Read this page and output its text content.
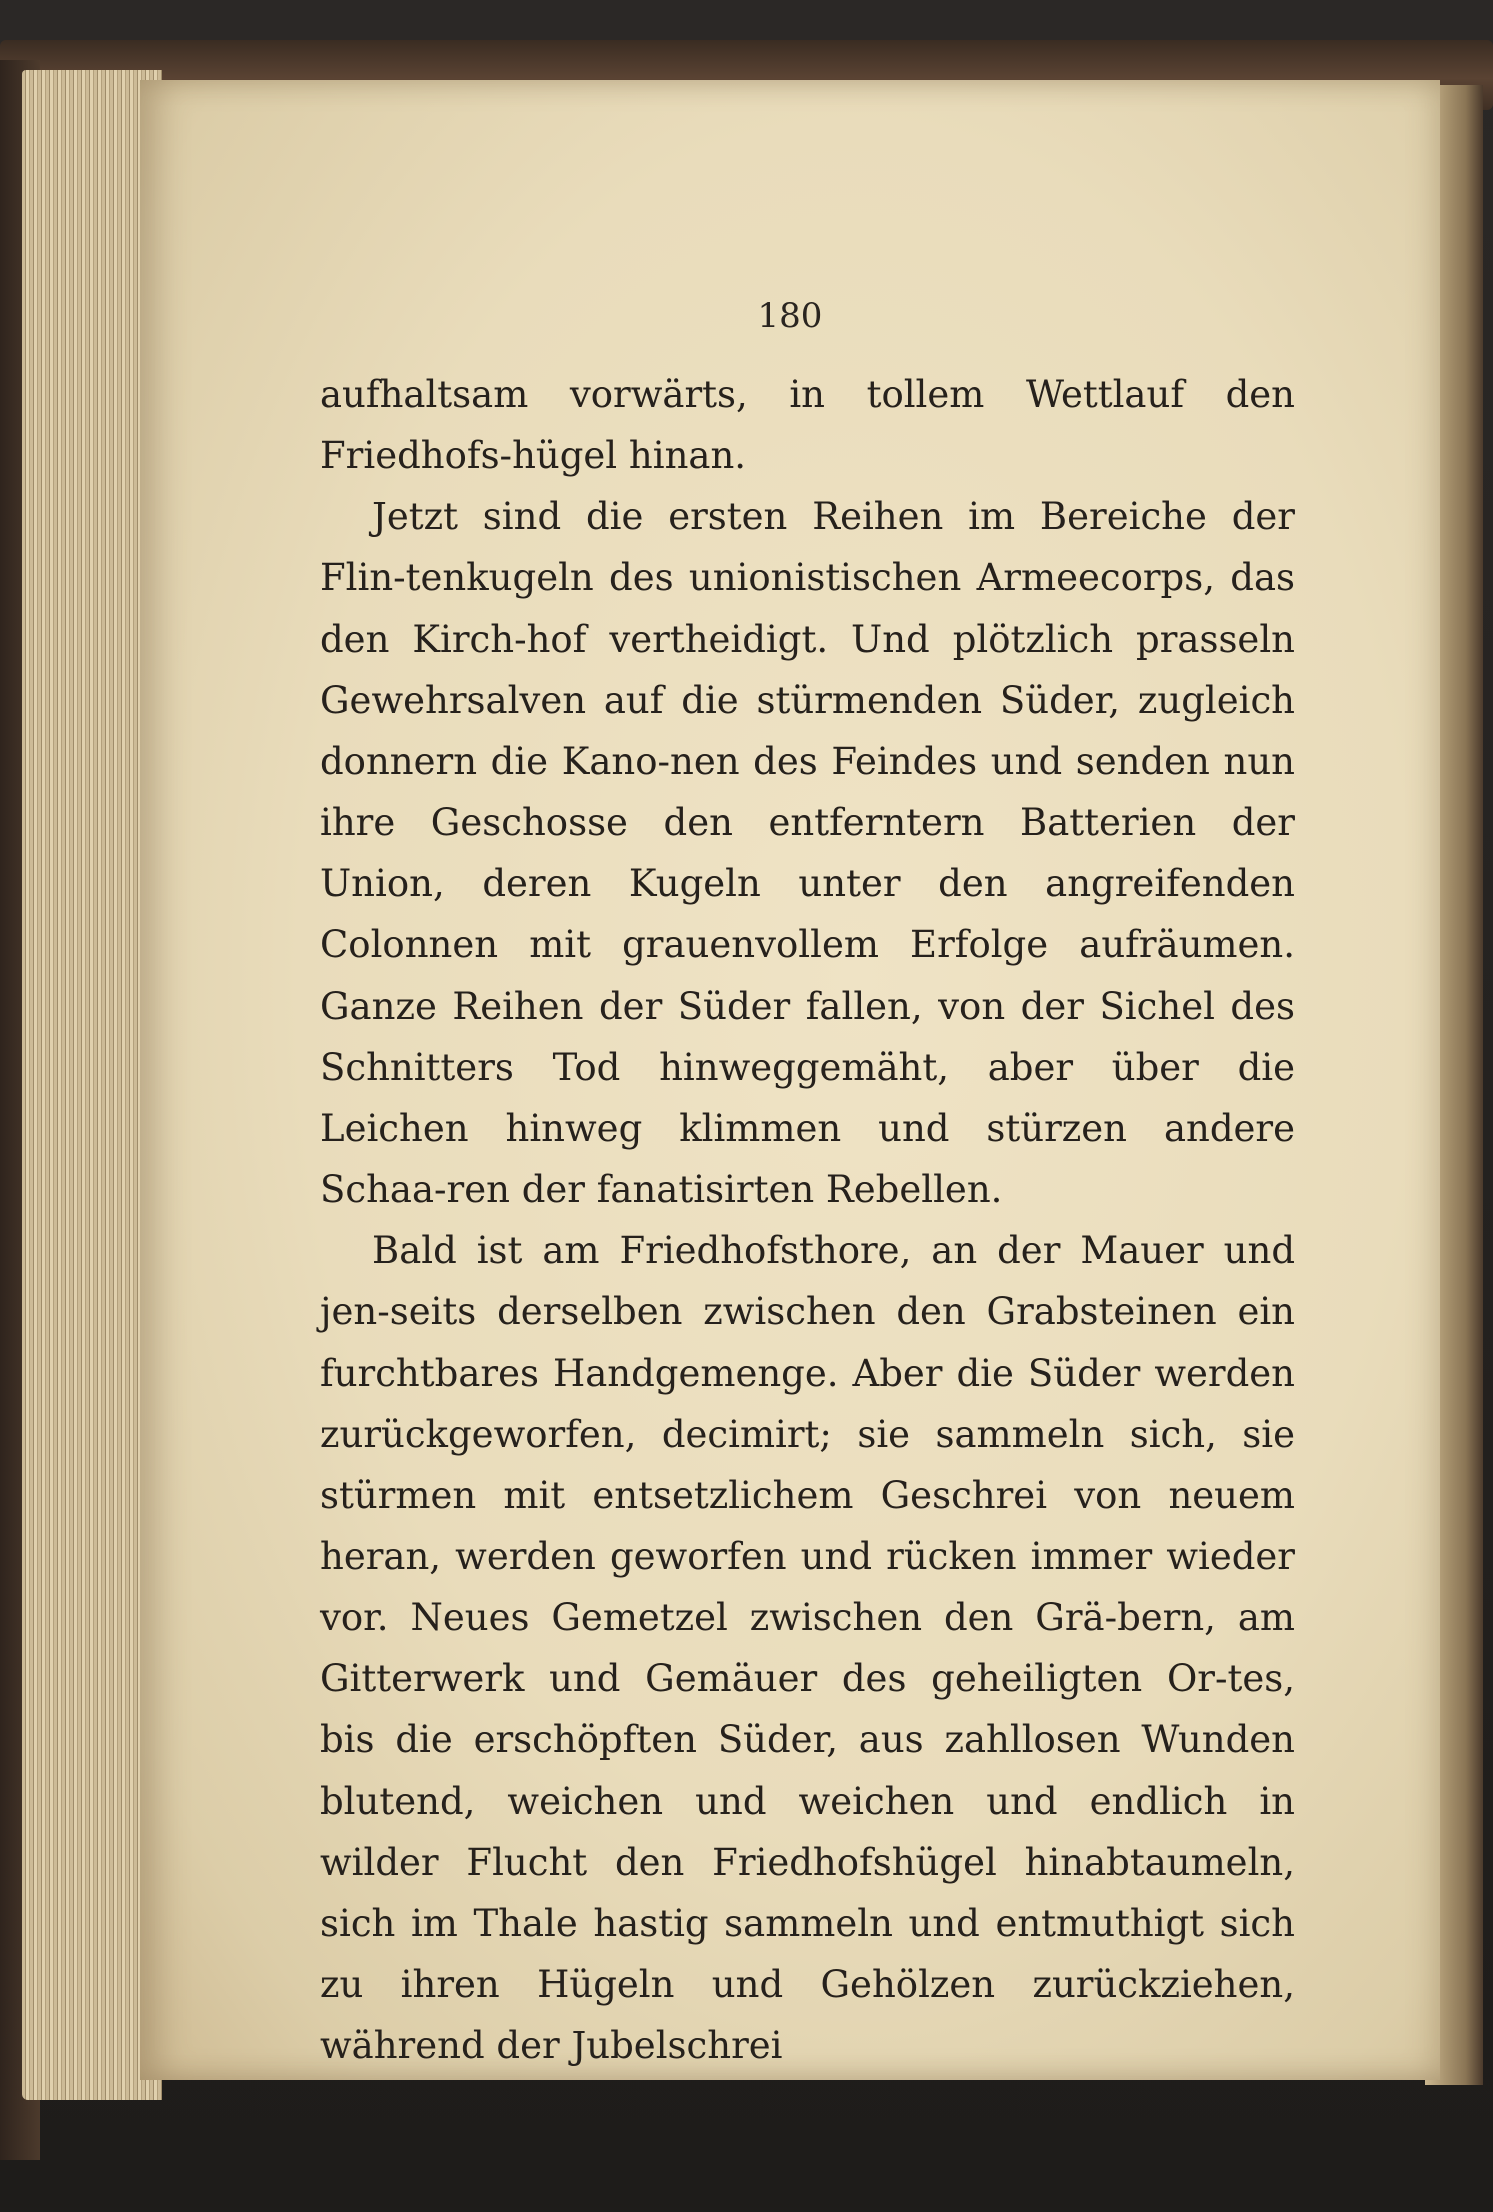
180

aufhaltsam vorwärts, in tollem Wettlauf den Friedhofs-hügel hinan.

Jetzt sind die ersten Reihen im Bereiche der Flin-tenkugeln des unionistischen Armeecorps, das den Kirch-hof vertheidigt. Und plötzlich prasseln Gewehrsalven auf die stürmenden Süder, zugleich donnern die Kano-nen des Feindes und senden nun ihre Geschosse den entferntern Batterien der Union, deren Kugeln unter den angreifenden Colonnen mit grauenvollem Erfolge aufräumen. Ganze Reihen der Süder fallen, von der Sichel des Schnitters Tod hinweggemäht, aber über die Leichen hinweg klimmen und stürzen andere Schaa-ren der fanatisirten Rebellen.

Bald ist am Friedhofsthore, an der Mauer und jen-seits derselben zwischen den Grabsteinen ein furchtbares Handgemenge. Aber die Süder werden zurückgeworfen, decimirt; sie sammeln sich, sie stürmen mit entsetzlichem Geschrei von neuem heran, werden geworfen und rücken immer wieder vor. Neues Gemetzel zwischen den Grä-bern, am Gitterwerk und Gemäuer des geheiligten Or-tes, bis die erschöpften Süder, aus zahllosen Wunden blutend, weichen und weichen und endlich in wilder Flucht den Friedhofshügel hinabtaumeln, sich im Thale hastig sammeln und entmuthigt sich zu ihren Hügeln und Gehölzen zurückziehen, während der Jubelschrei
